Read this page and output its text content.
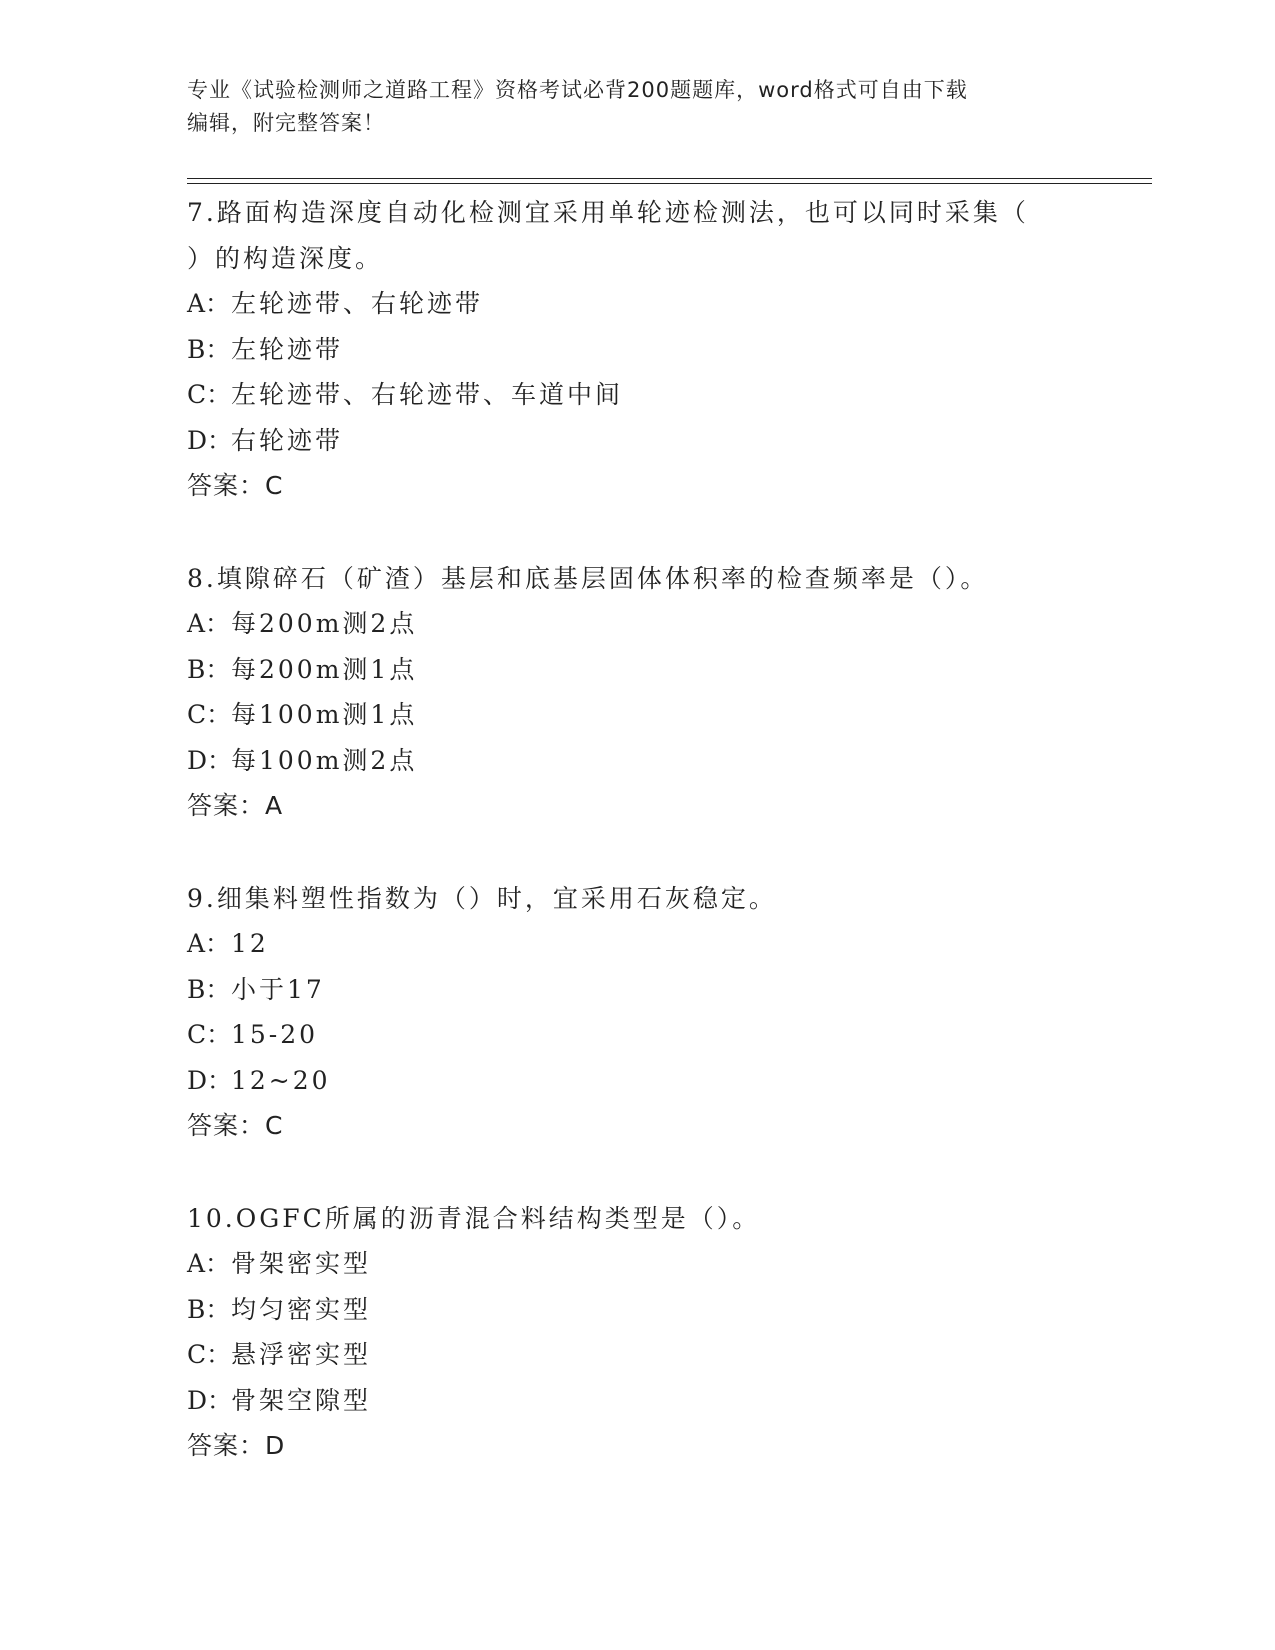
专业《试验检测师之道路工程》资格考试必背200题题库，word格式可自由下载
编辑，附完整答案！
7.路面构造深度自动化检测宜采用单轮迹检测法，也可以同时采集（
）的构造深度。
A：左轮迹带、右轮迹带
B：左轮迹带
C：左轮迹带、右轮迹带、车道中间
D：右轮迹带
答案：C
8.填隙碎石（矿渣）基层和底基层固体体积率的检查频率是（）。
A：每200m测2点
B：每200m测1点
C：每100m测1点
D：每100m测2点
答案：A
9.细集料塑性指数为（）时，宜采用石灰稳定。
A：12
B：小于17
C：15-20
D：12~20
答案：C
10.OGFC所属的沥青混合料结构类型是（）。
A：骨架密实型
B：均匀密实型
C：悬浮密实型
D：骨架空隙型
答案：D
